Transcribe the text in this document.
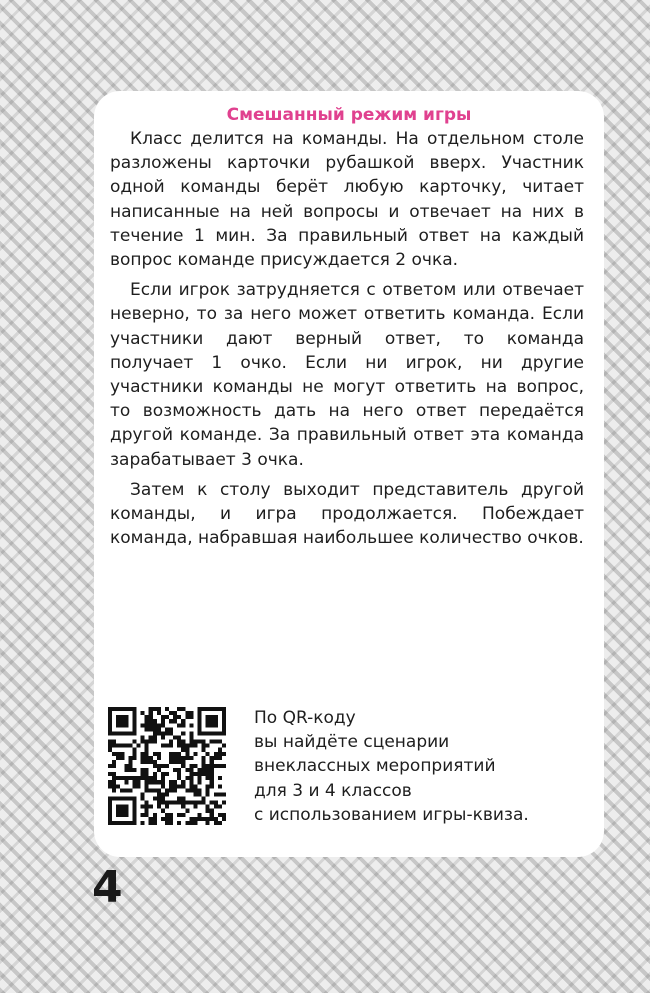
Смешанный режим игры

Класс делится на команды. На отдельном столе разложены карточки рубашкой вверх. Участник одной команды берёт любую карточку, читает написанные на ней вопросы и отвечает на них в течение 1 мин. За правильный ответ на каждый вопрос команде присуждается 2 очка.

Если игрок затрудняется с ответом или отвечает неверно, то за него может ответить команда. Если участники дают верный ответ, то команда получает 1 очко. Если ни игрок, ни другие участники команды не могут ответить на вопрос, то возможность дать на него ответ передаётся другой команде. За правильный ответ эта команда зарабатывает 3 очка.

Затем к столу выходит представитель другой команды, и игра продолжается. Побеждает команда, набравшая наибольшее количество очков.

По QR-коду
вы найдёте сценарии
внеклассных мероприятий
для 3 и 4 классов
с использованием игры-квиза.
4
